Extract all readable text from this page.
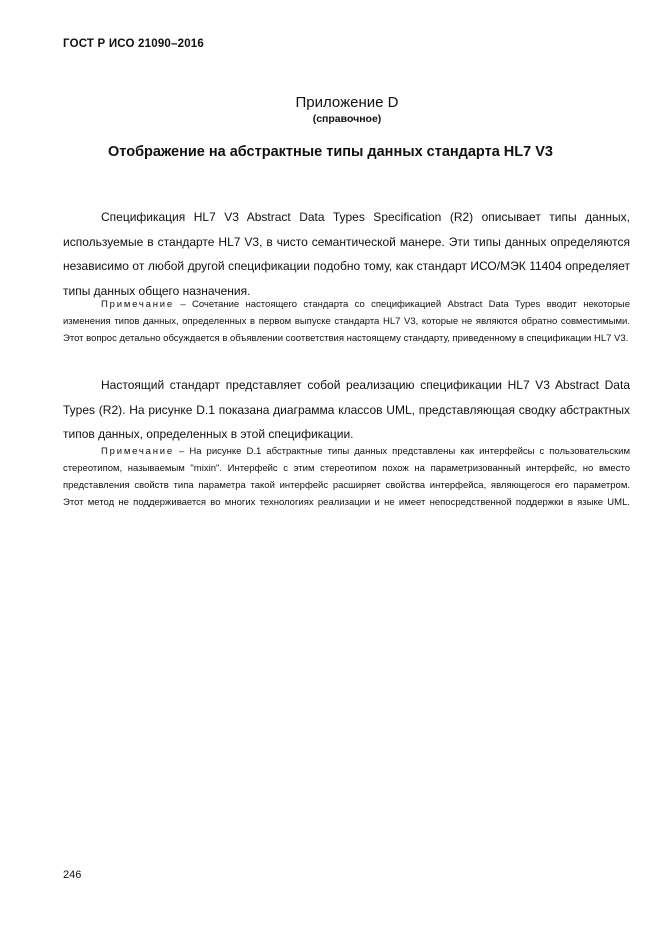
ГОСТ Р ИСО 21090–2016
Приложение D
(справочное)
Отображение на абстрактные типы данных стандарта HL7 V3

Спецификация HL7 V3 Abstract Data Types Specification (R2) описывает типы данных, используемые в стандарте HL7 V3, в чисто семантической манере. Эти типы данных определяются независимо от любой другой спецификации подобно тому, как стандарт ИСО/МЭК 11404 определяет типы данных общего назначения.

Примечание – Сочетание настоящего стандарта со спецификацией Abstract Data Types вводит некоторые изменения типов данных, определенных в первом выпуске стандарта HL7 V3, которые не являются обратно совместимыми. Этот вопрос детально обсуждается в объявлении соответствия настоящему стандарту, приведенному в спецификации HL7 V3.

Настоящий стандарт представляет собой реализацию спецификации HL7 V3 Abstract Data Types (R2). На рисунке D.1 показана диаграмма классов UML, представляющая сводку абстрактных типов данных, определенных в этой спецификации.

Примечание – На рисунке D.1 абстрактные типы данных представлены как интерфейсы с пользовательским стереотипом, называемым "mixin". Интерфейс с этим стереотипом похож на параметризованный интерфейс, но вместо представления свойств типа параметра такой интерфейс расширяет свойства интерфейса, являющегося его параметром. Этот метод не поддерживается во многих технологиях реализации и не имеет непосредственной поддержки в языке UML.

246
